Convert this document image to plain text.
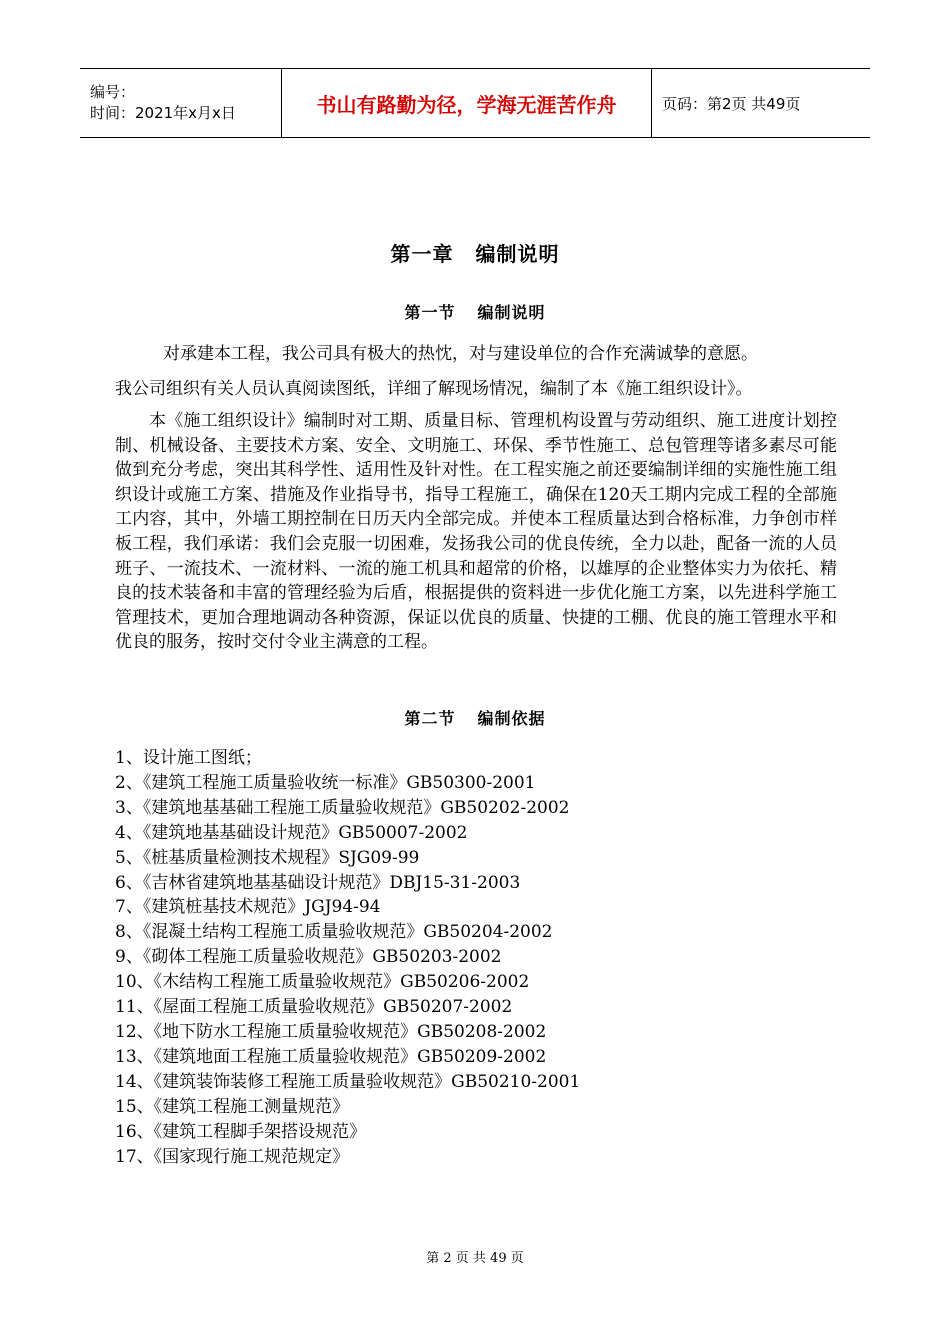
编号：
时间：2021年x月x日	书山有路勤为径，学海无涯苦作舟	页码：第2页 共49页
第一章 编制说明
第一节 编制说明
对承建本工程，我公司具有极大的热忱，对与建设单位的合作充满诚挚的意愿。
我公司组织有关人员认真阅读图纸，详细了解现场情况，编制了本《施工组织设计》。
本《施工组织设计》编制时对工期、质量目标、管理机构设置与劳动组织、施工进度计划控制、机械设备、主要技术方案、安全、文明施工、环保、季节性施工、总包管理等诸多素尽可能做到充分考虑，突出其科学性、适用性及针对性。在工程实施之前还要编制详细的实施性施工组织设计或施工方案、措施及作业指导书，指导工程施工，确保在120天工期内完成工程的全部施工内容，其中，外墙工期控制在日历天内全部完成。并使本工程质量达到合格标准，力争创市样板工程，我们承诺：我们会克服一切困难，发扬我公司的优良传统，全力以赴，配备一流的人员班子、一流技术、一流材料、一流的施工机具和超常的价格，以雄厚的企业整体实力为依托、精良的技术装备和丰富的管理经验为后盾，根据提供的资料进一步优化施工方案，以先进科学施工管理技术，更加合理地调动各种资源，保证以优良的质量、快捷的工棚、优良的施工管理水平和优良的服务，按时交付令业主满意的工程。
第二节 编制依据
1、设计施工图纸；
2、《建筑工程施工质量验收统一标准》GB50300-2001
3、《建筑地基基础工程施工质量验收规范》GB50202-2002
4、《建筑地基基础设计规范》GB50007-2002
5、《桩基质量检测技术规程》SJG09-99
6、《吉林省建筑地基基础设计规范》DBJ15-31-2003
7、《建筑桩基技术规范》JGJ94-94
8、《混凝土结构工程施工质量验收规范》GB50204-2002
9、《砌体工程施工质量验收规范》GB50203-2002
10、《木结构工程施工质量验收规范》GB50206-2002
11、《屋面工程施工质量验收规范》GB50207-2002
12、《地下防水工程施工质量验收规范》GB50208-2002
13、《建筑地面工程施工质量验收规范》GB50209-2002
14、《建筑装饰装修工程施工质量验收规范》GB50210-2001
15、《建筑工程施工测量规范》
16、《建筑工程脚手架搭设规范》
17、《国家现行施工规范规定》
第 2 页 共 49 页
